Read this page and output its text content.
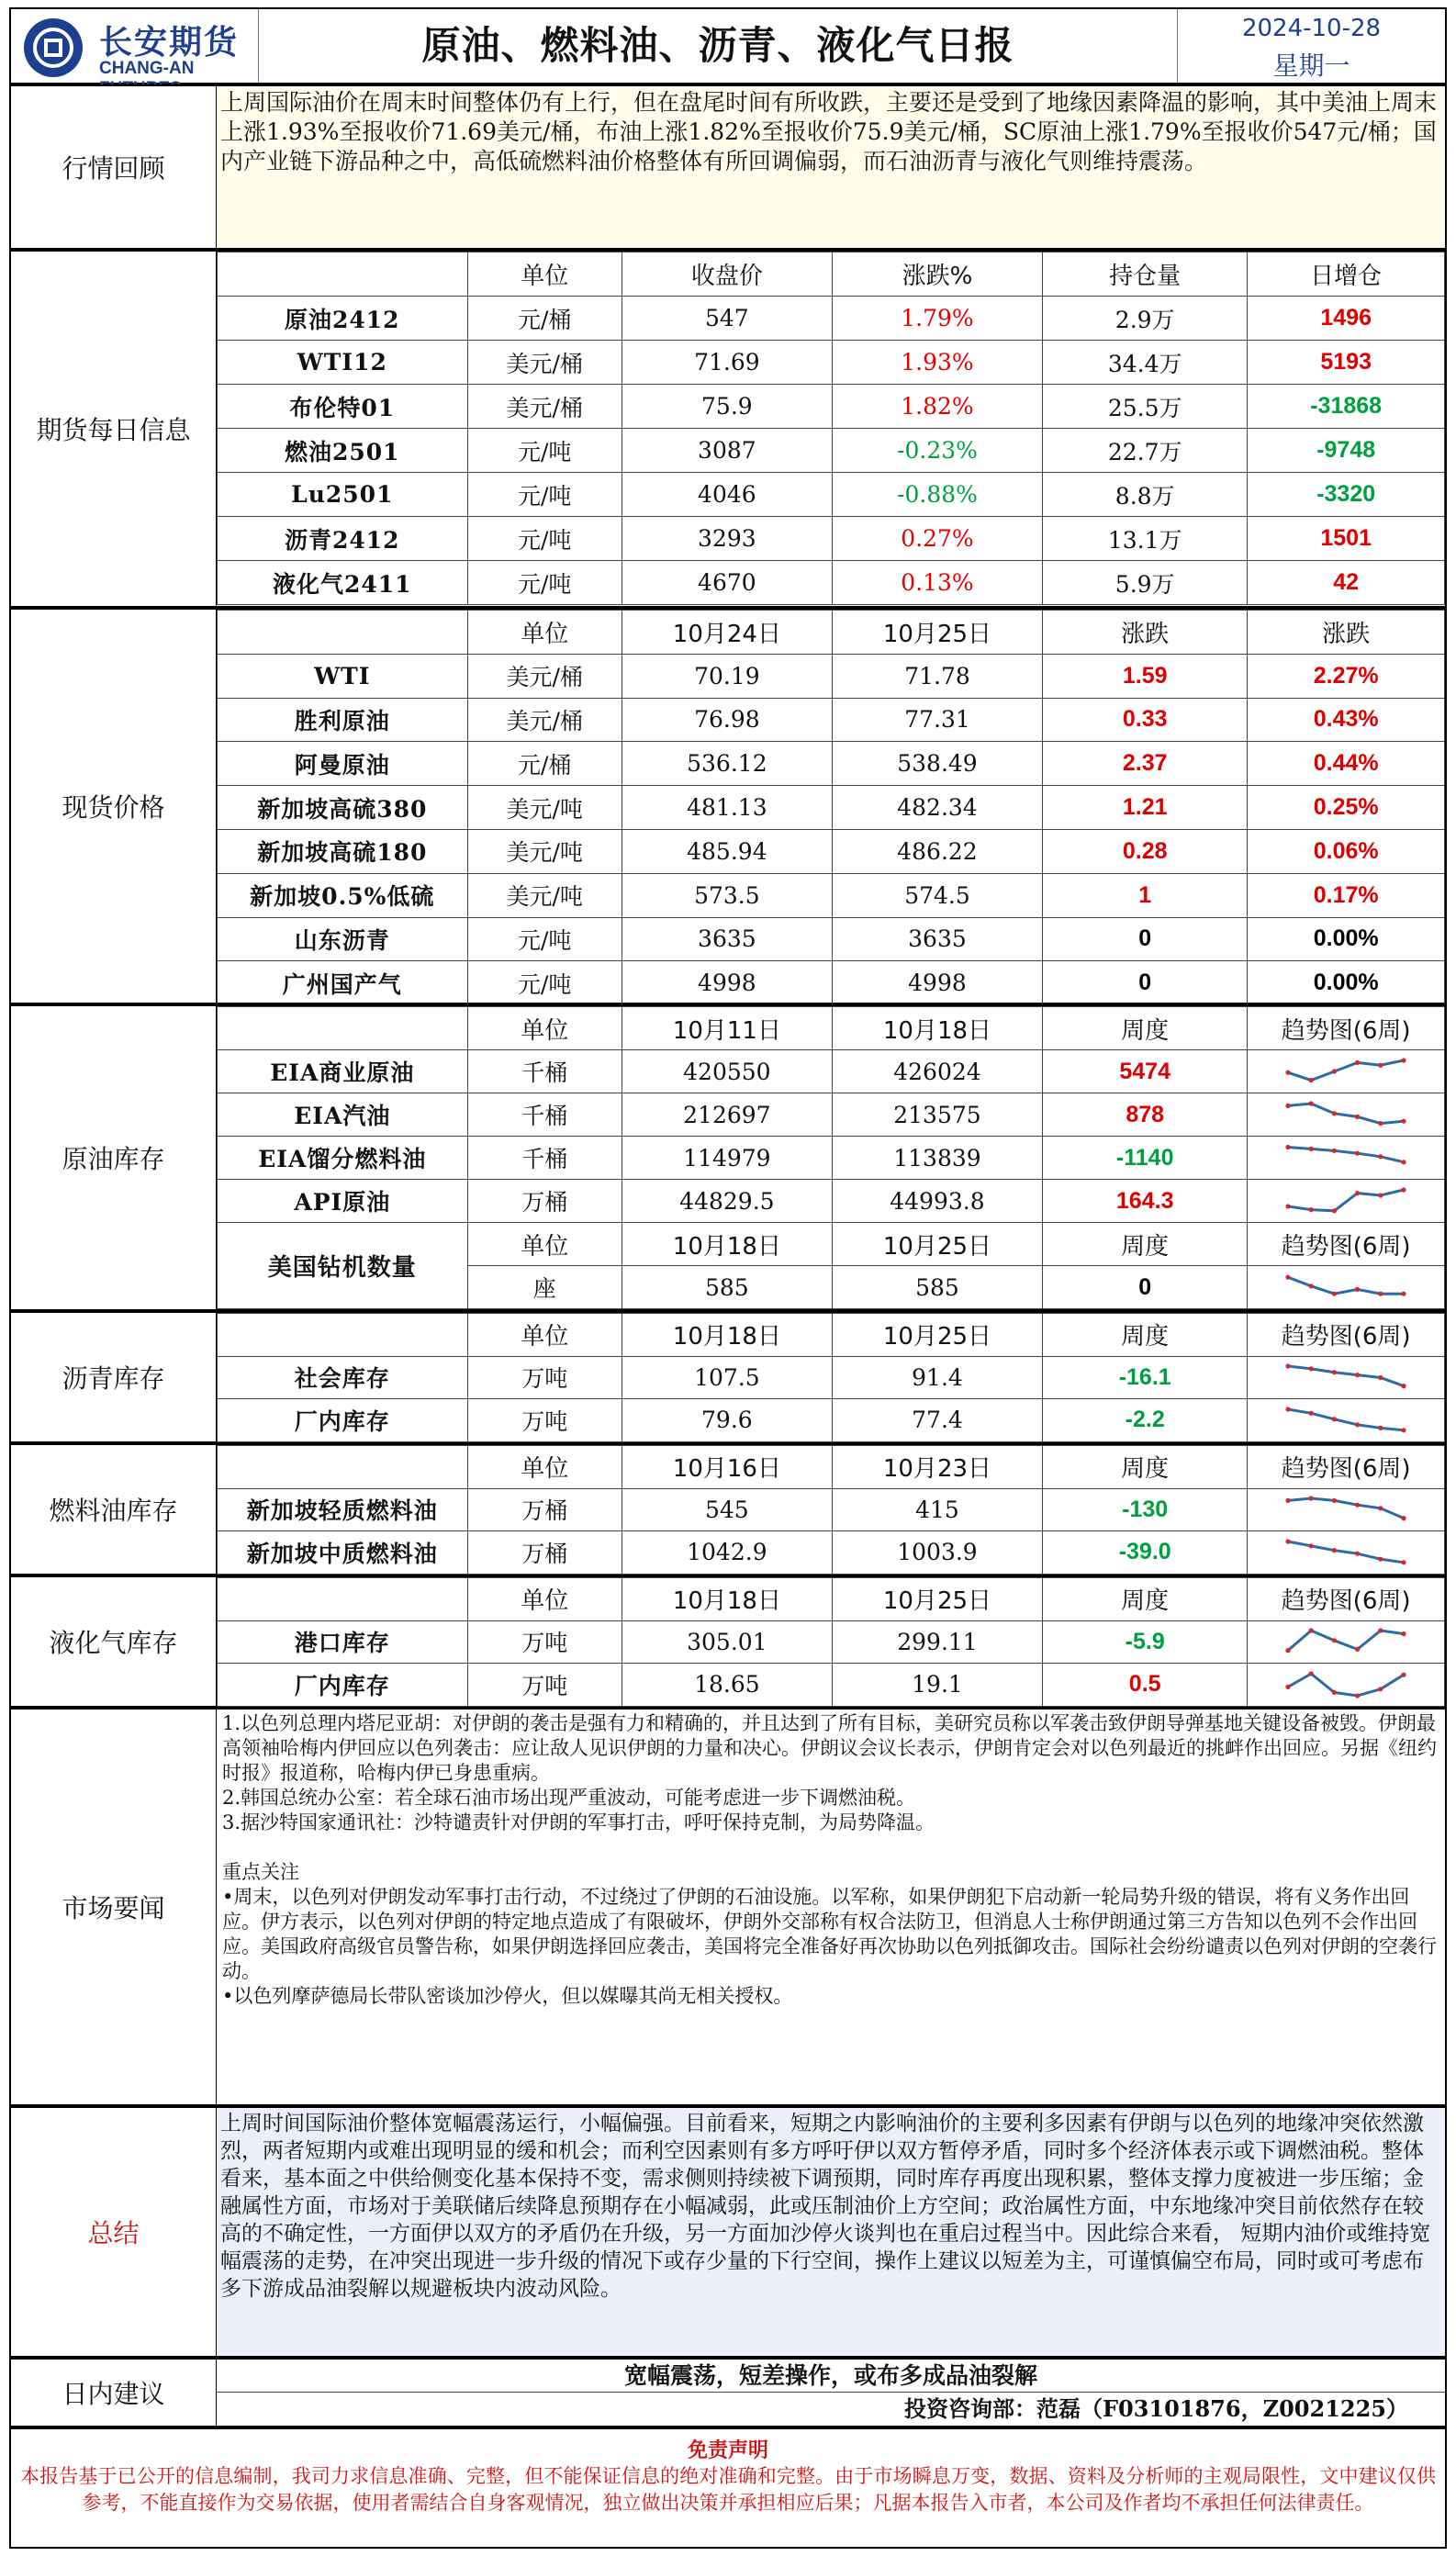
长安期货
CHANG-AN
原油、燃料油、沥青、液化气日报	2024-10-28
星期一
行情回顾
上周国际油价在周末时间整体仍有上行，但在盘尾时间有所收跌，主要还是受到了地缘因素降温的影响，其中美油上周末上涨1.93%至报收价71.69美元/桶，布油上涨1.82%至报收价75.9美元/桶，SC原油上涨1.79%至报收价547元/桶；国内产业链下游品种之中，高低硫燃料油价格整体有所回调偏弱，而石油沥青与液化气则维持震荡。
期货每日信息
	单位	收盘价	涨跌%	持仓量	日增仓
原油2412	元/桶	547	1.79%	2.9万	1496
WTI12	美元/桶	71.69	1.93%	34.4万	5193
布伦特01	美元/桶	75.9	1.82%	25.5万	-31868
燃油2501	元/吨	3087	-0.23%	22.7万	-9748
Lu2501	元/吨	4046	-0.88%	8.8万	-3320
沥青2412	元/吨	3293	0.27%	13.1万	1501
液化气2411	元/吨	4670	0.13%	5.9万	42
现货价格
	单位	10月24日	10月25日	涨跌	涨跌
WTI	美元/桶	70.19	71.78	1.59	2.27%
胜利原油	美元/桶	76.98	77.31	0.33	0.43%
阿曼原油	元/桶	536.12	538.49	2.37	0.44%
新加坡高硫380	美元/吨	481.13	482.34	1.21	0.25%
新加坡高硫180	美元/吨	485.94	486.22	0.28	0.06%
新加坡0.5%低硫	美元/吨	573.5	574.5	1	0.17%
山东沥青	元/吨	3635	3635	0	0.00%
广州国产气	元/吨	4998	4998	0	0.00%
原油库存
	单位	10月11日	10月18日	周度	趋势图(6周)
EIA商业原油	千桶	420550	426024	5474	

EIA汽油	千桶	212697	213575	878	

EIA馏分燃料油	千桶	114979	113839	-1140	

API原油	万桶	44829.5	44993.8	164.3	

美国钻机数量	单位	10月18日	10月25日	周度	趋势图(6周)
	座	585	585	0	
沥青库存
	单位	10月18日	10月25日	周度	趋势图(6周)
社会库存	万吨	107.5	91.4	-16.1	

厂内库存	万吨	79.6	77.4	-2.2	
燃料油库存
	单位	10月16日	10月23日	周度	趋势图(6周)
新加坡轻质燃料油	万桶	545	415	-130	

新加坡中质燃料油	万桶	1042.9	1003.9	-39.0	
液化气库存
	单位	10月18日	10月25日	周度	趋势图(6周)
港口库存	万吨	305.01	299.11	-5.9	

厂内库存	万吨	18.65	19.1	0.5	
市场要闻

1.以色列总理内塔尼亚胡：对伊朗的袭击是强有力和精确的，并且达到了所有目标，美研究员称以军袭击致伊朗导弹基地关键设备被毁。伊朗最高领袖哈梅内伊回应以色列袭击：应让敌人见识伊朗的力量和决心。伊朗议会议长表示，伊朗肯定会对以色列最近的挑衅作出回应。另据《纽约时报》报道称，哈梅内伊已身患重病。

2.韩国总统办公室：若全球石油市场出现严重波动，可能考虑进一步下调燃油税。

3.据沙特国家通讯社：沙特谴责针对伊朗的军事打击，呼吁保持克制，为局势降温。

重点关注

•周末，以色列对伊朗发动军事打击行动，不过绕过了伊朗的石油设施。以军称，如果伊朗犯下启动新一轮局势升级的错误，将有义务作出回应。伊方表示，以色列对伊朗的特定地点造成了有限破坏，伊朗外交部称有权合法防卫，但消息人士称伊朗通过第三方告知以色列不会作出回应。美国政府高级官员警告称，如果伊朗选择回应袭击，美国将完全准备好再次协助以色列抵御攻击。国际社会纷纷谴责以色列对伊朗的空袭行动。

•以色列摩萨德局长带队密谈加沙停火，但以媒曝其尚无相关授权。

总结
上周时间国际油价整体宽幅震荡运行，小幅偏强。目前看来，短期之内影响油价的主要利多因素有伊朗与以色列的地缘冲突依然激烈，两者短期内或难出现明显的缓和机会；而利空因素则有多方呼吁伊以双方暂停矛盾，同时多个经济体表示或下调燃油税。整体看来，基本面之中供给侧变化基本保持不变，需求侧则持续被下调预期，同时库存再度出现积累，整体支撑力度被进一步压缩；金融属性方面，市场对于美联储后续降息预期存在小幅减弱，此或压制油价上方空间；政治属性方面，中东地缘冲突目前依然存在较高的不确定性，一方面伊以双方的矛盾仍在升级，另一方面加沙停火谈判也在重启过程当中。因此综合来看， 短期内油价或维持宽幅震荡的走势，在冲突出现进一步升级的情况下或存少量的下行空间，操作上建议以短差为主，可谨慎偏空布局，同时或可考虑布多下游成品油裂解以规避板块内波动风险。
日内建议
宽幅震荡，短差操作，或布多成品油裂解
投资咨询部：范磊（F03101876，Z0021225）
免责声明
本报告基于已公开的信息编制，我司力求信息准确、完整，但不能保证信息的绝对准确和完整。由于市场瞬息万变，数据、资料及分析师的主观局限性，文中建议仅供参考，不能直接作为交易依据，使用者需结合自身客观情况，独立做出决策并承担相应后果；凡据本报告入市者，本公司及作者均不承担任何法律责任。
